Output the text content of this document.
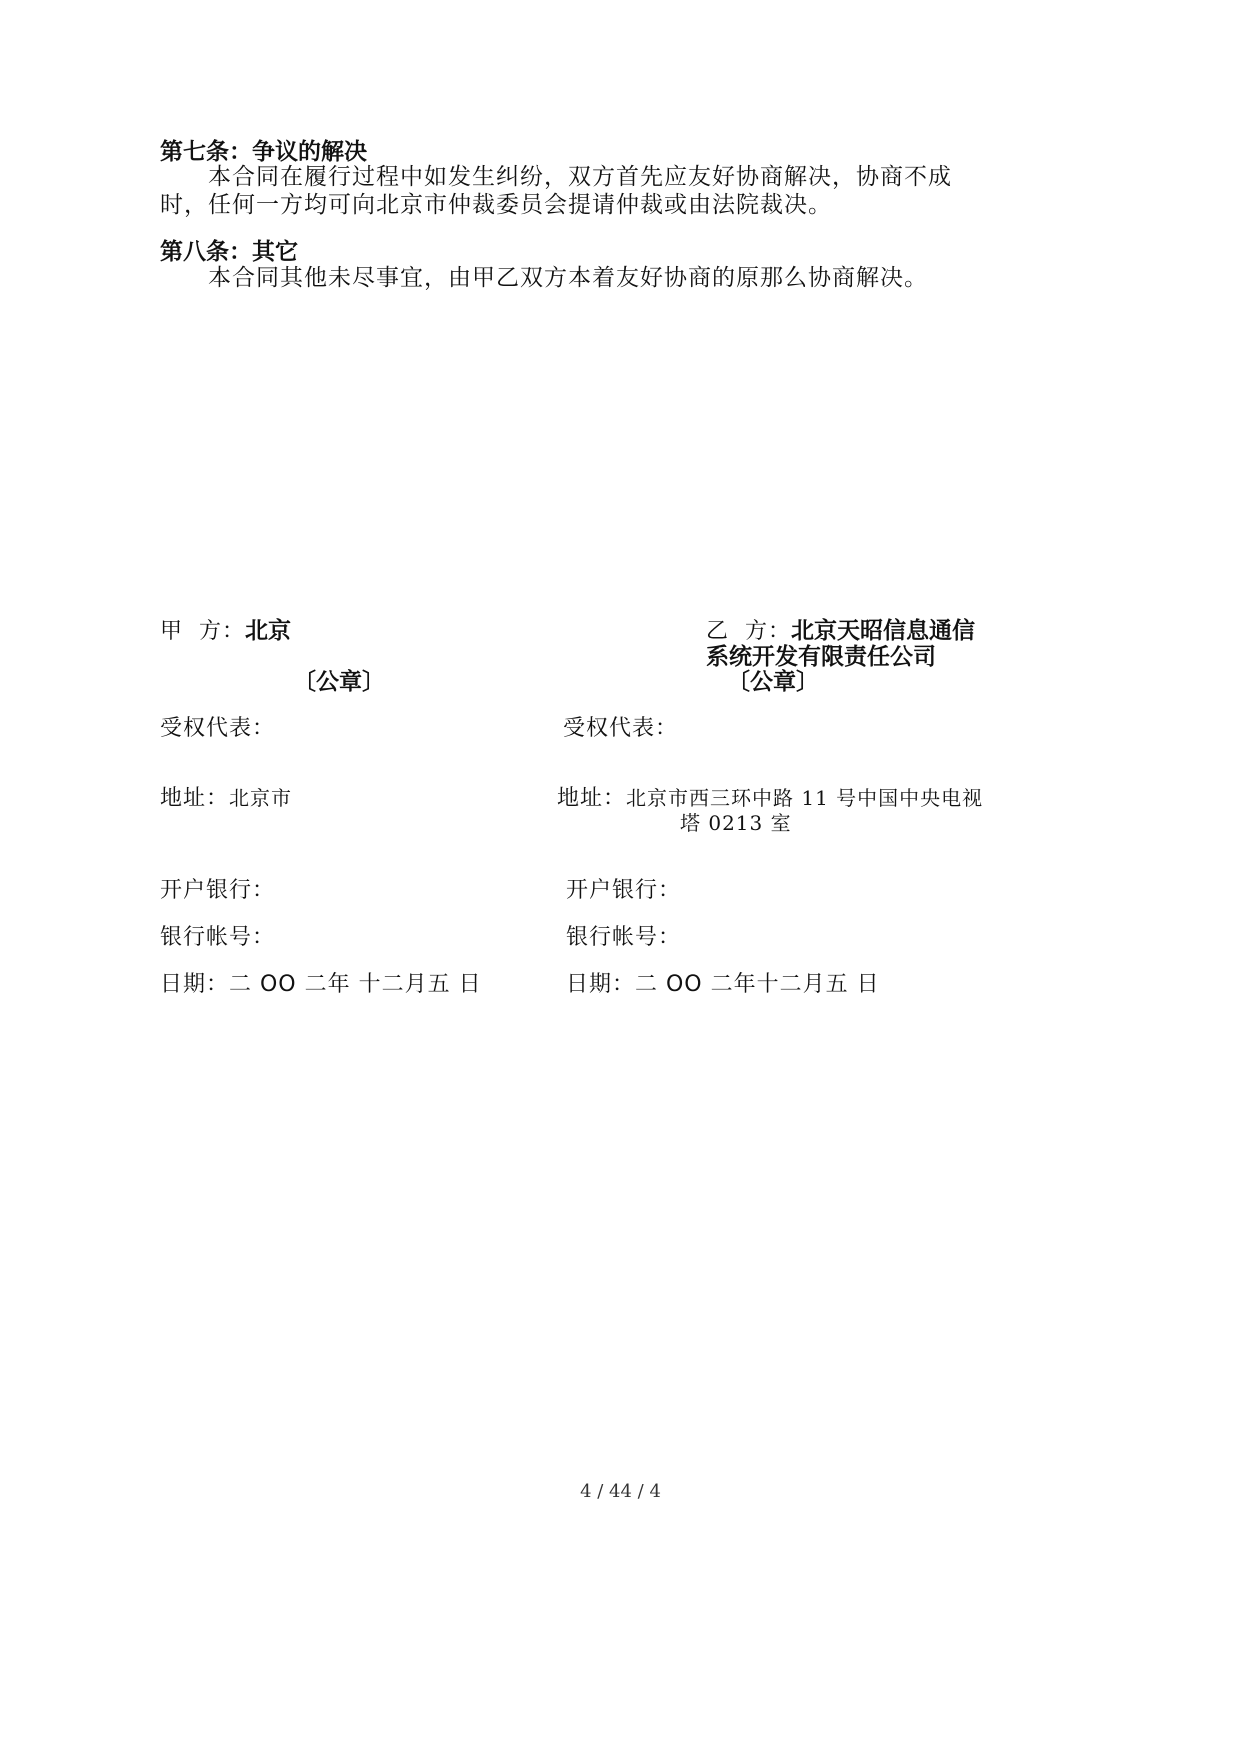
第七条：争议的解决
本合同在履行过程中如发生纠纷，双方首先应友好协商解决，协商不成
时，任何一方均可向北京市仲裁委员会提请仲裁或由法院裁决。
第八条：其它
本合同其他未尽事宜，由甲乙双方本着友好协商的原那么协商解决。
甲  方：北京
〔公章〕
受权代表：
地址：北京市
开户银行：
银行帐号：
日期：二 OO 二年 十二月五 日
乙  方：北京天昭信息通信
系统开发有限责任公司
〔公章〕
受权代表：
地址：北京市西三环中路 11 号中国中央电视
塔 0213 室
开户银行：
银行帐号：
日期：二 OO 二年十二月五 日
4 / 44 / 4
